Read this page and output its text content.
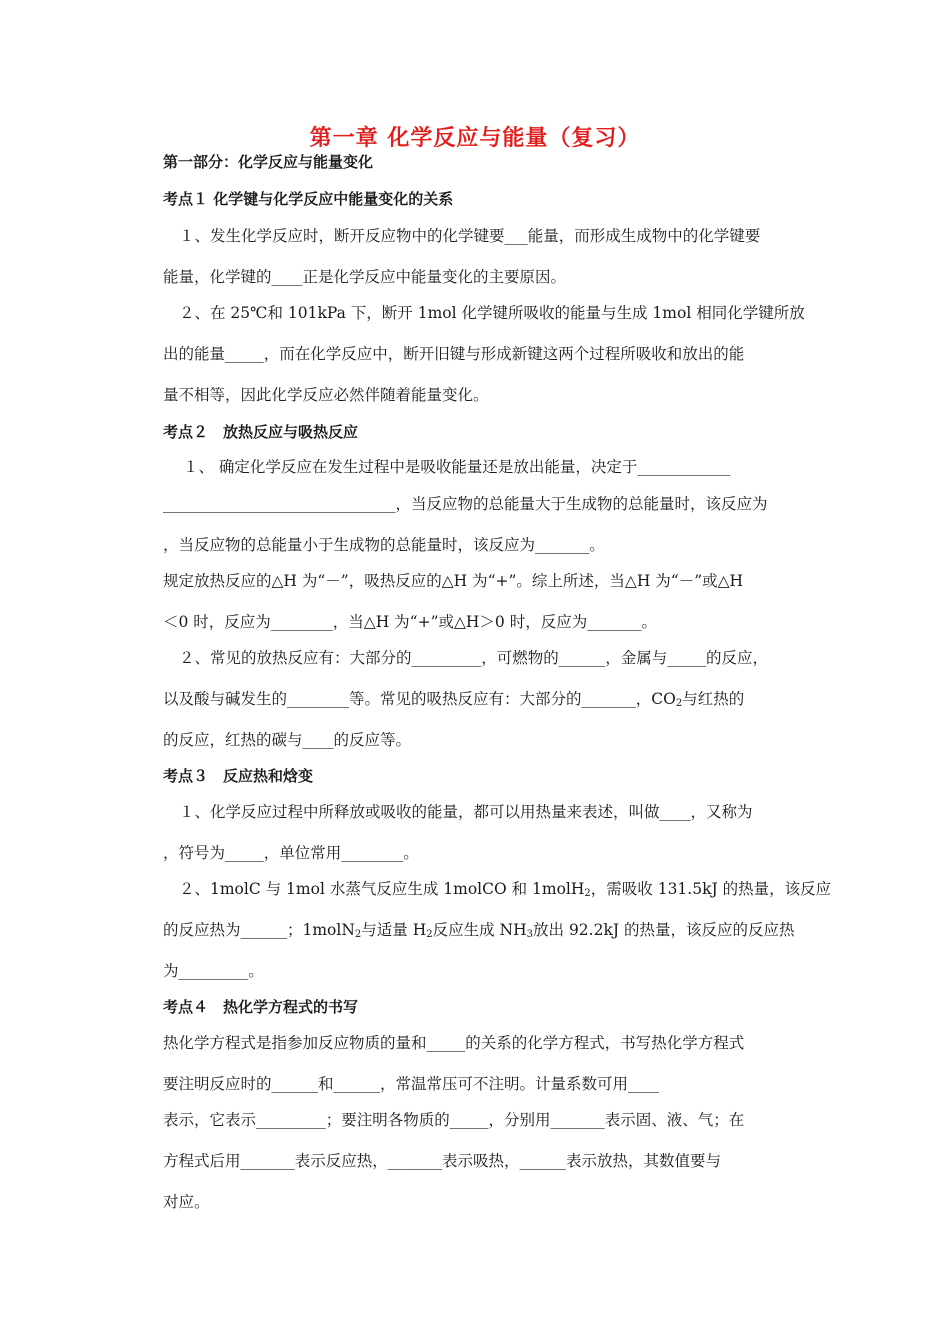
第一章 化学反应与能量（复习）
第一部分：化学反应与能量变化
考点１ 化学键与化学反应中能量变化的关系
１、发生化学反应时，断开反应物中的化学键要___能量，而形成生成物中的化学键要
能量，化学键的____正是化学反应中能量变化的主要原因。
２、在 25℃和 101kPa 下，断开 1mol 化学键所吸收的能量与生成 1mol 相同化学键所放
出的能量_____，而在化学反应中，断开旧键与形成新键这两个过程所吸收和放出的能
量不相等，因此化学反应必然伴随着能量变化。
考点２　放热反应与吸热反应
１、 确定化学反应在发生过程中是吸收能量还是放出能量，决定于____________
______________________________，当反应物的总能量大于生成物的总能量时，该反应为
，当反应物的总能量小于生成物的总能量时，该反应为_______。
规定放热反应的△H 为“－”，吸热反应的△H 为“+”。综上所述，当△H 为“－”或△H
＜0 时，反应为________，当△H 为“+”或△H＞0 时，反应为_______。
２、常见的放热反应有：大部分的_________，可燃物的______，金属与_____的反应，
以及酸与碱发生的________等。常见的吸热反应有：大部分的_______，$CO_2$与红热的
的反应，红热的碳与____的反应等。
考点３　反应热和焓变
１、化学反应过程中所释放或吸收的能量，都可以用热量来表述，叫做____，又称为
，符号为_____，单位常用________。
２、1molC 与 1mol 水蒸气反应生成 1molCO 和 1molH$_2$，需吸收 131.5kJ 的热量，该反应
的反应热为______；1molN$_2$与适量 $H_2$反应生成 $NH_3$放出 92.2kJ 的热量，该反应的反应热
为_________。
考点４　热化学方程式的书写
热化学方程式是指参加反应物质的量和_____的关系的化学方程式，书写热化学方程式
要注明反应时的______和______，常温常压可不注明。计量系数可用____
表示，它表示_________；要注明各物质的_____，分别用_______表示固、液、气；在
方程式后用_______表示反应热，_______表示吸热，______表示放热，其数值要与
对应。
